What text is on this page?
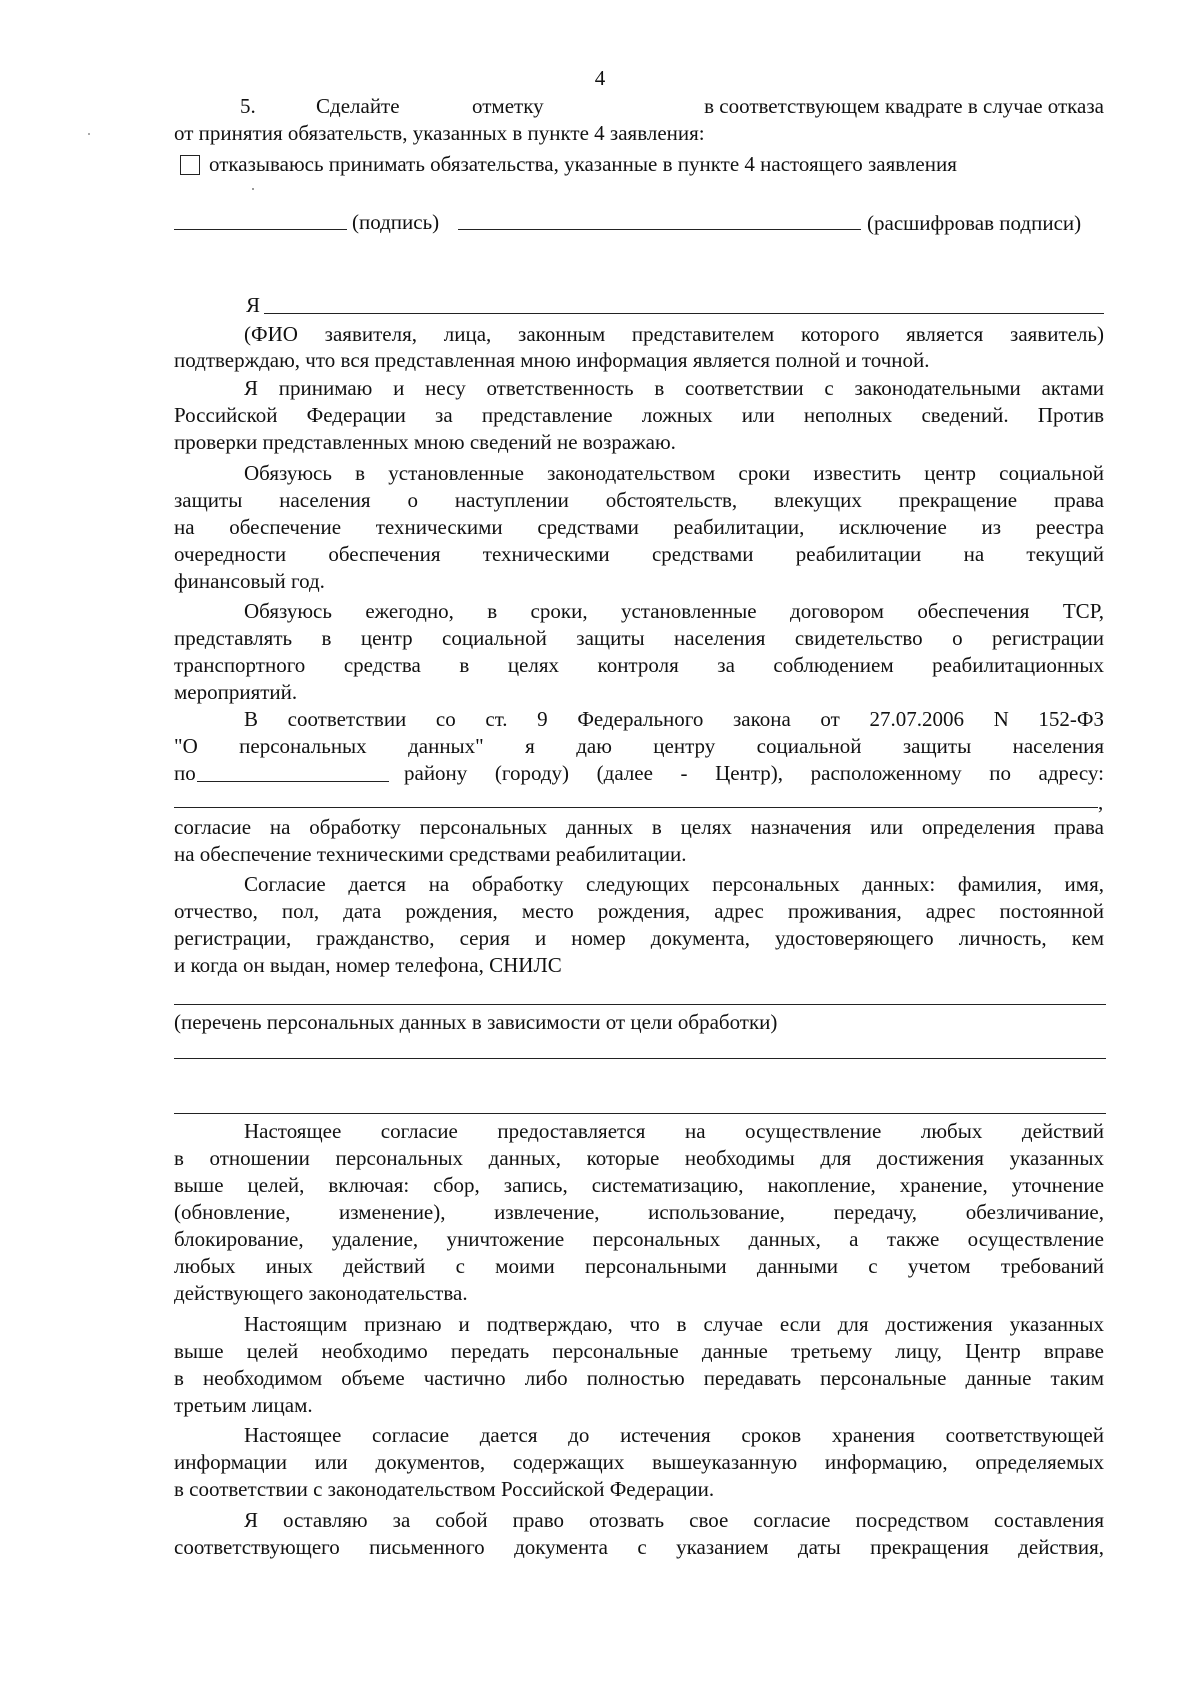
4
5.	Сделайте	отметку	в соответствующем квадрате в случае отказа
от принятия обязательств, указанных в пункте 4 заявления:
отказываюсь принимать обязательства, указанные в пункте 4 настоящего заявления
(подпись)	(расшифровав подписи)
Я
(ФИО заявителя, лица, законным представителем которого является заявитель)
подтверждаю, что вся представленная мною информация является полной и точной.
Я принимаю и несу ответственность в соответствии с законодательными актами
Российской Федерации за представление ложных или неполных сведений. Против
проверки представленных мною сведений не возражаю.
Обязуюсь в установленные законодательством сроки известить центр социальной
защиты населения о наступлении обстоятельств, влекущих прекращение права
на обеспечение техническими средствами реабилитации, исключение из реестра
очередности обеспечения техническими средствами реабилитации на текущий
финансовый год.
Обязуюсь ежегодно, в сроки, установленные договором обеспечения ТСР,
представлять в центр социальной защиты населения свидетельство о регистрации
транспортного средства в целях контроля за соблюдением реабилитационных
мероприятий.
В соответствии со ст. 9 Федерального закона от 27.07.2006 N 152-ФЗ
"О персональных данных" я даю центру социальной защиты населения
по	району (городу) (далее - Центр), расположенному по адресу:
,
согласие на обработку персональных данных в целях назначения или определения права
на обеспечение техническими средствами реабилитации.
Согласие дается на обработку следующих персональных данных: фамилия, имя,
отчество, пол, дата рождения, место рождения, адрес проживания, адрес постоянной
регистрации, гражданство, серия и номер документа, удостоверяющего личность, кем
и когда он выдан, номер телефона, СНИЛС
(перечень персональных данных в зависимости от цели обработки)
Настоящее согласие предоставляется на осуществление любых действий
в отношении персональных данных, которые необходимы для достижения указанных
выше целей, включая: сбор, запись, систематизацию, накопление, хранение, уточнение
(обновление, изменение), извлечение, использование, передачу, обезличивание,
блокирование, удаление, уничтожение персональных данных, а также осуществление
любых иных действий с моими персональными данными с учетом требований
действующего законодательства.
Настоящим признаю и подтверждаю, что в случае если для достижения указанных
выше целей необходимо передать персональные данные третьему лицу, Центр вправе
в необходимом объеме частично либо полностью передавать персональные данные таким
третьим лицам.
Настоящее согласие дается до истечения сроков хранения соответствующей
информации или документов, содержащих вышеуказанную информацию, определяемых
в соответствии с законодательством Российской Федерации.
Я оставляю за собой право отозвать свое согласие посредством составления
соответствующего письменного документа с указанием даты прекращения действия,
